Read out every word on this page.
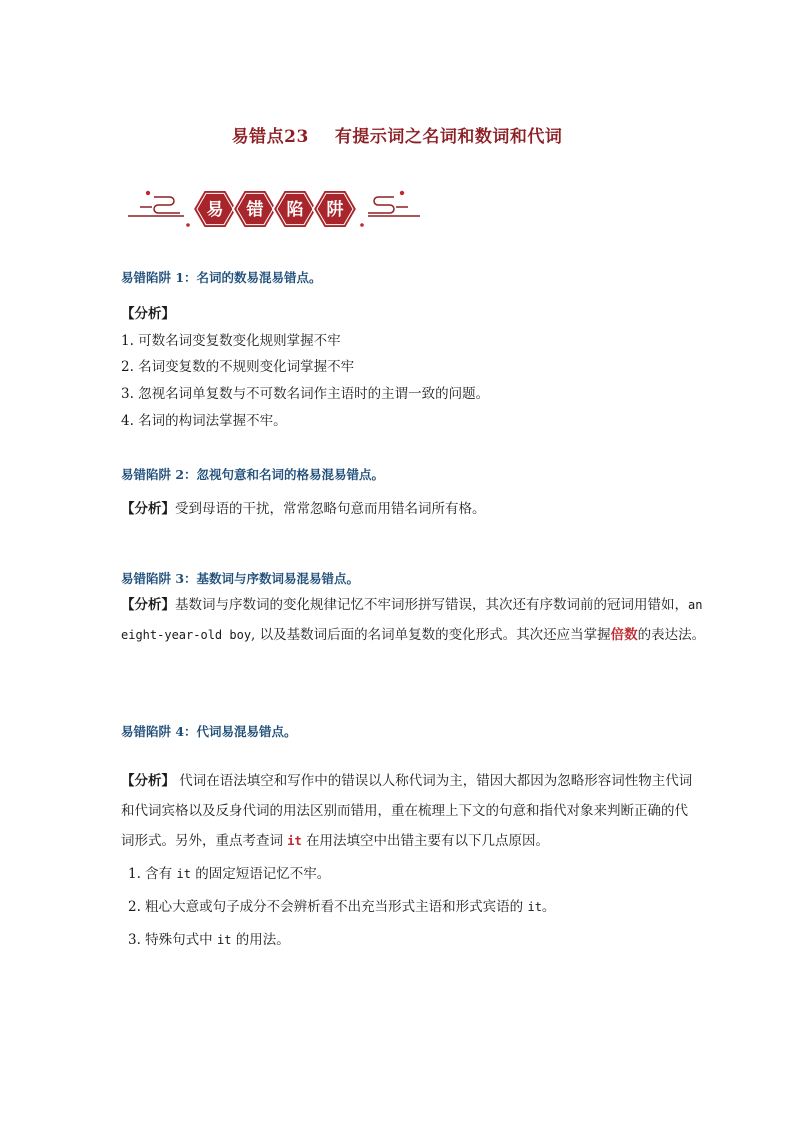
易错点23 有提示词之名词和数词和代词
易 错 陷 阱
易错陷阱 1：名词的数易混易错点。
【分析】
1. 可数名词变复数变化规则掌握不牢
2. 名词变复数的不规则变化词掌握不牢
3. 忽视名词单复数与不可数名词作主语时的主谓一致的问题。
4. 名词的构词法掌握不牢。
易错陷阱 2：忽视句意和名词的格易混易错点。
【分析】受到母语的干扰，常常忽略句意而用错名词所有格。
易错陷阱 3：基数词与序数词易混易错点。
【分析】基数词与序数词的变化规律记忆不牢词形拼写错误，其次还有序数词前的冠词用错如，an eight-year-old boy, 以及基数词后面的名词单复数的变化形式。其次还应当掌握倍数的表达法。
易错陷阱 4：代词易混易错点。
【分析】 代词在语法填空和写作中的错误以人称代词为主，错因大都因为忽略形容词性物主代词和代词宾格以及反身代词的用法区别而错用，重在梳理上下文的句意和指代对象来判断正确的代词形式。另外，重点考查词 it 在用法填空中出错主要有以下几点原因。
1. 含有 it 的固定短语记忆不牢。
2. 粗心大意或句子成分不会辨析看不出充当形式主语和形式宾语的 it。
3. 特殊句式中 it 的用法。
